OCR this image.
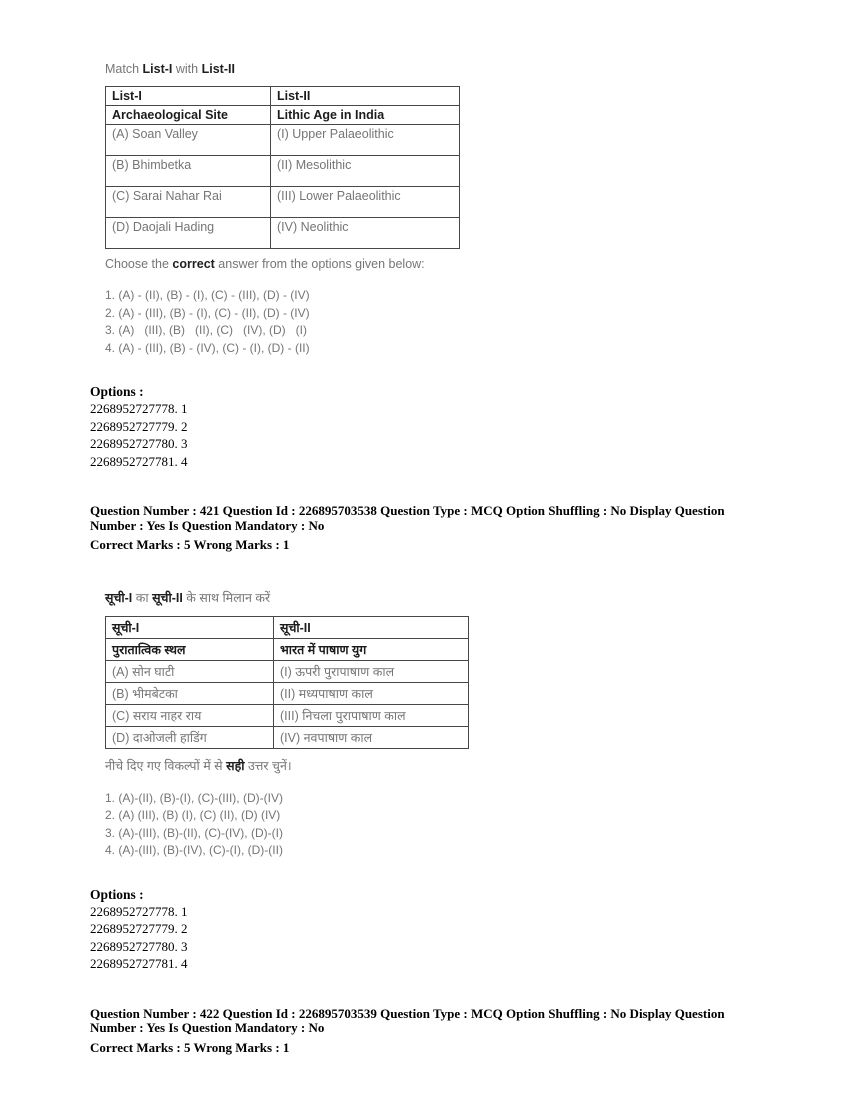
Match List-I with List-II

List-I	List-II
Archaeological Site	Lithic Age in India
(A) Soan Valley	(I) Upper Palaeolithic
(B) Bhimbetka	(II) Mesolithic
(C) Sarai Nahar Rai	(III) Lower Palaeolithic
(D) Daojali Hading	(IV) Neolithic

Choose the correct answer from the options given below:

1. (A) - (II), (B) - (I), (C) - (III), (D) - (IV)
2. (A) - (III), (B) - (I), (C) - (II), (D) - (IV)
3. (A)   (III), (B)   (II), (C)   (IV), (D)   (I)
4. (A) - (III), (B) - (IV), (C) - (I), (D) - (II)
Options :
2268952727778. 1
2268952727779. 2
2268952727780. 3
2268952727781. 4
Question Number : 421 Question Id : 226895703538 Question Type : MCQ Option Shuffling : No Display Question Number : Yes Is Question Mandatory : No
Correct Marks : 5 Wrong Marks : 1

सूची-I का सूची-II के साथ मिलान करें

सूची-I	सूची-II
पुरातात्विक स्थल	भारत में पाषाण युग
(A) सोन घाटी	(I) ऊपरी पुरापाषाण काल
(B) भीमबेटका	(II) मध्यपाषाण काल
(C) सराय नाहर राय	(III) निचला पुरापाषाण काल
(D) दाओजली हाडिंग	(IV) नवपाषाण काल

नीचे दिए गए विकल्पों में से सही उत्तर चुनें।

1. (A)-(II), (B)-(I), (C)-(III), (D)-(IV)
2. (A) (III), (B) (I), (C) (II), (D) (IV)
3. (A)-(III), (B)-(II), (C)-(IV), (D)-(I)
4. (A)-(III), (B)-(IV), (C)-(I), (D)-(II)
Options :
2268952727778. 1
2268952727779. 2
2268952727780. 3
2268952727781. 4
Question Number : 422 Question Id : 226895703539 Question Type : MCQ Option Shuffling : No Display Question Number : Yes Is Question Mandatory : No
Correct Marks : 5 Wrong Marks : 1
